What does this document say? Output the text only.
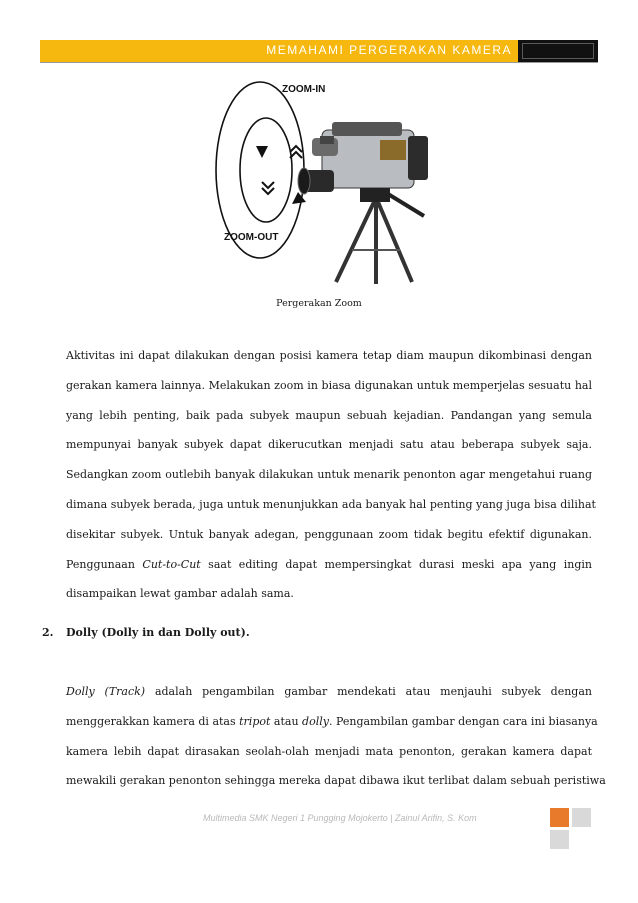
MEMAHAMI PERGERAKAN KAMERA
ZOOM-IN
ZOOM-OUT
Pergerakan Zoom
Aktivitas ini dapat dilakukan dengan posisi kamera tetap diam maupun dikombinasi dengan
gerakan kamera lainnya. Melakukan zoom in biasa digunakan untuk memperjelas sesuatu hal
yang lebih penting, baik pada subyek maupun sebuah kejadian. Pandangan yang semula
mempunyai banyak subyek dapat dikerucutkan menjadi satu atau beberapa subyek saja.
Sedangkan zoom outlebih banyak dilakukan untuk menarik penonton agar mengetahui ruang
dimana subyek berada, juga untuk menunjukkan ada banyak hal penting yang juga bisa dilihat
disekitar subyek. Untuk banyak adegan, penggunaan zoom tidak begitu efektif digunakan.
Penggunaan Cut-to-Cut saat editing dapat mempersingkat durasi meski apa yang ingin
disampaikan lewat gambar adalah sama.
2. Dolly (Dolly in dan Dolly out).
Dolly (Track) adalah pengambilan gambar mendekati atau menjauhi subyek dengan
menggerakkan kamera di atas tripot atau dolly. Pengambilan gambar dengan cara ini biasanya
kamera lebih dapat dirasakan seolah-olah menjadi mata penonton, gerakan kamera dapat
mewakili gerakan penonton sehingga mereka dapat dibawa ikut terlibat dalam sebuah peristiwa
Multimedia SMK Negeri 1 Pungging Mojokerto | Zainul Arifin, S. Kom
